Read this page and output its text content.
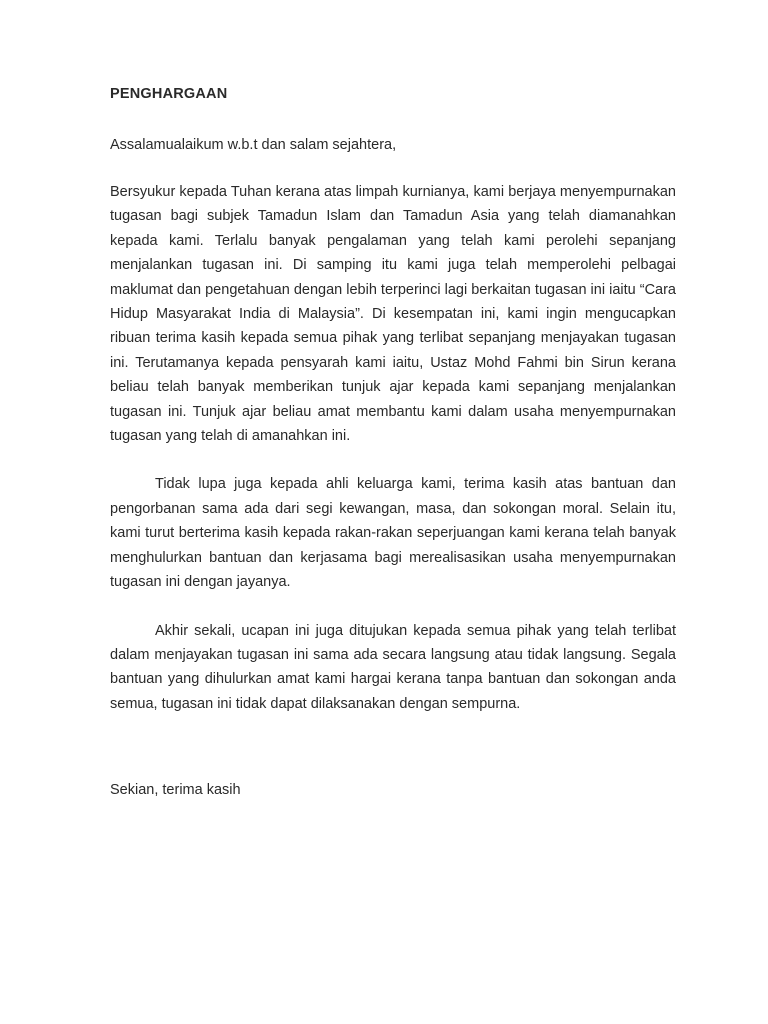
PENGHARGAAN

Assalamualaikum w.b.t dan salam sejahtera,

Bersyukur kepada Tuhan kerana atas limpah kurnianya, kami berjaya menyempurnakan tugasan bagi subjek Tamadun Islam dan Tamadun Asia yang telah diamanahkan kepada kami. Terlalu banyak pengalaman yang telah kami perolehi sepanjang menjalankan tugasan ini. Di samping itu kami juga telah memperolehi pelbagai maklumat dan pengetahuan dengan lebih terperinci lagi berkaitan tugasan ini iaitu “Cara Hidup Masyarakat India di Malaysia”. Di kesempatan ini, kami ingin mengucapkan ribuan terima kasih kepada semua pihak yang terlibat sepanjang menjayakan tugasan ini. Terutamanya kepada pensyarah kami iaitu, Ustaz Mohd Fahmi bin Sirun kerana beliau telah banyak memberikan tunjuk ajar kepada kami sepanjang menjalankan tugasan ini. Tunjuk ajar beliau amat membantu kami dalam usaha menyempurnakan tugasan yang telah di amanahkan ini.

Tidak lupa juga kepada ahli keluarga kami, terima kasih atas bantuan dan pengorbanan sama ada dari segi kewangan, masa, dan sokongan moral. Selain itu, kami turut berterima kasih kepada rakan-rakan seperjuangan kami kerana telah banyak menghulurkan bantuan dan kerjasama bagi merealisasikan usaha menyempurnakan tugasan ini dengan jayanya.

Akhir sekali, ucapan ini juga ditujukan kepada semua pihak yang telah terlibat dalam menjayakan tugasan ini sama ada secara langsung atau tidak langsung. Segala bantuan yang dihulurkan amat kami hargai kerana tanpa bantuan dan sokongan anda semua, tugasan ini tidak dapat dilaksanakan dengan sempurna.

Sekian, terima kasih
